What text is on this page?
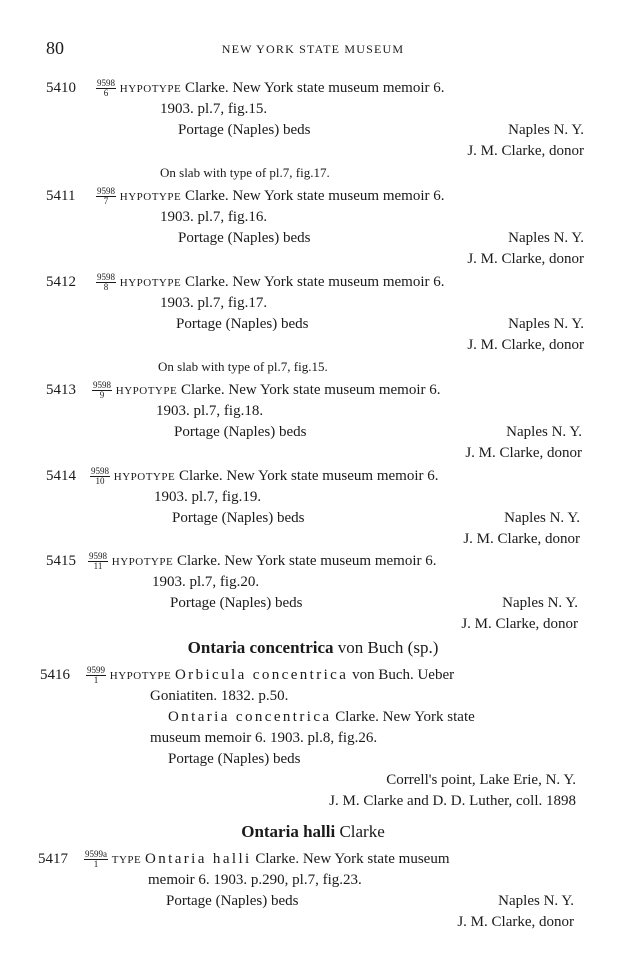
80	NEW YORK STATE MUSEUM
5410	$\frac{9598}{6}$ HYPOTYPE Clarke. New York state museum memoir 6.
1903. pl.7, fig.15.
Portage (Naples) beds	Naples N. Y.
J. M. Clarke, donor
On slab with type of pl.7, fig.17.
5411	$\frac{9598}{7}$ HYPOTYPE Clarke. New York state museum memoir 6.
1903. pl.7, fig.16.
Portage (Naples) beds	Naples N. Y.
J. M. Clarke, donor
5412	$\frac{9598}{8}$ HYPOTYPE Clarke. New York state museum memoir 6.
1903. pl.7, fig.17.
Portage (Naples) beds	Naples N. Y.
J. M. Clarke, donor
On slab with type of pl.7, fig.15.
5413	$\frac{9598}{9}$ HYPOTYPE Clarke. New York state museum memoir 6.
1903. pl.7, fig.18.
Portage (Naples) beds	Naples N. Y.
J. M. Clarke, donor
5414	$\frac{9598}{10}$ HYPOTYPE Clarke. New York state museum memoir 6.
1903. pl.7, fig.19.
Portage (Naples) beds	Naples N. Y.
J. M. Clarke, donor
5415	$\frac{9598}{11}$ HYPOTYPE Clarke. New York state museum memoir 6.
1903. pl.7, fig.20.
Portage (Naples) beds	Naples N. Y.
J. M. Clarke, donor
Ontaria concentrica von Buch (sp.)
5416	$\frac{9599}{1}$ HYPOTYPE Orbicula concentrica von Buch. Ueber
Goniatiten. 1832. p.50.
Ontaria concentrica Clarke. New York state
museum memoir 6. 1903. pl.8, fig.26.
Portage (Naples) beds
Correll's point, Lake Erie, N. Y.
J. M. Clarke and D. D. Luther, coll. 1898
Ontaria halli Clarke
5417	$\frac{9599a}{1}$ TYPE Ontaria halli Clarke. New York state museum
memoir 6. 1903. p.290, pl.7, fig.23.
Portage (Naples) beds	Naples N. Y.
J. M. Clarke, donor
